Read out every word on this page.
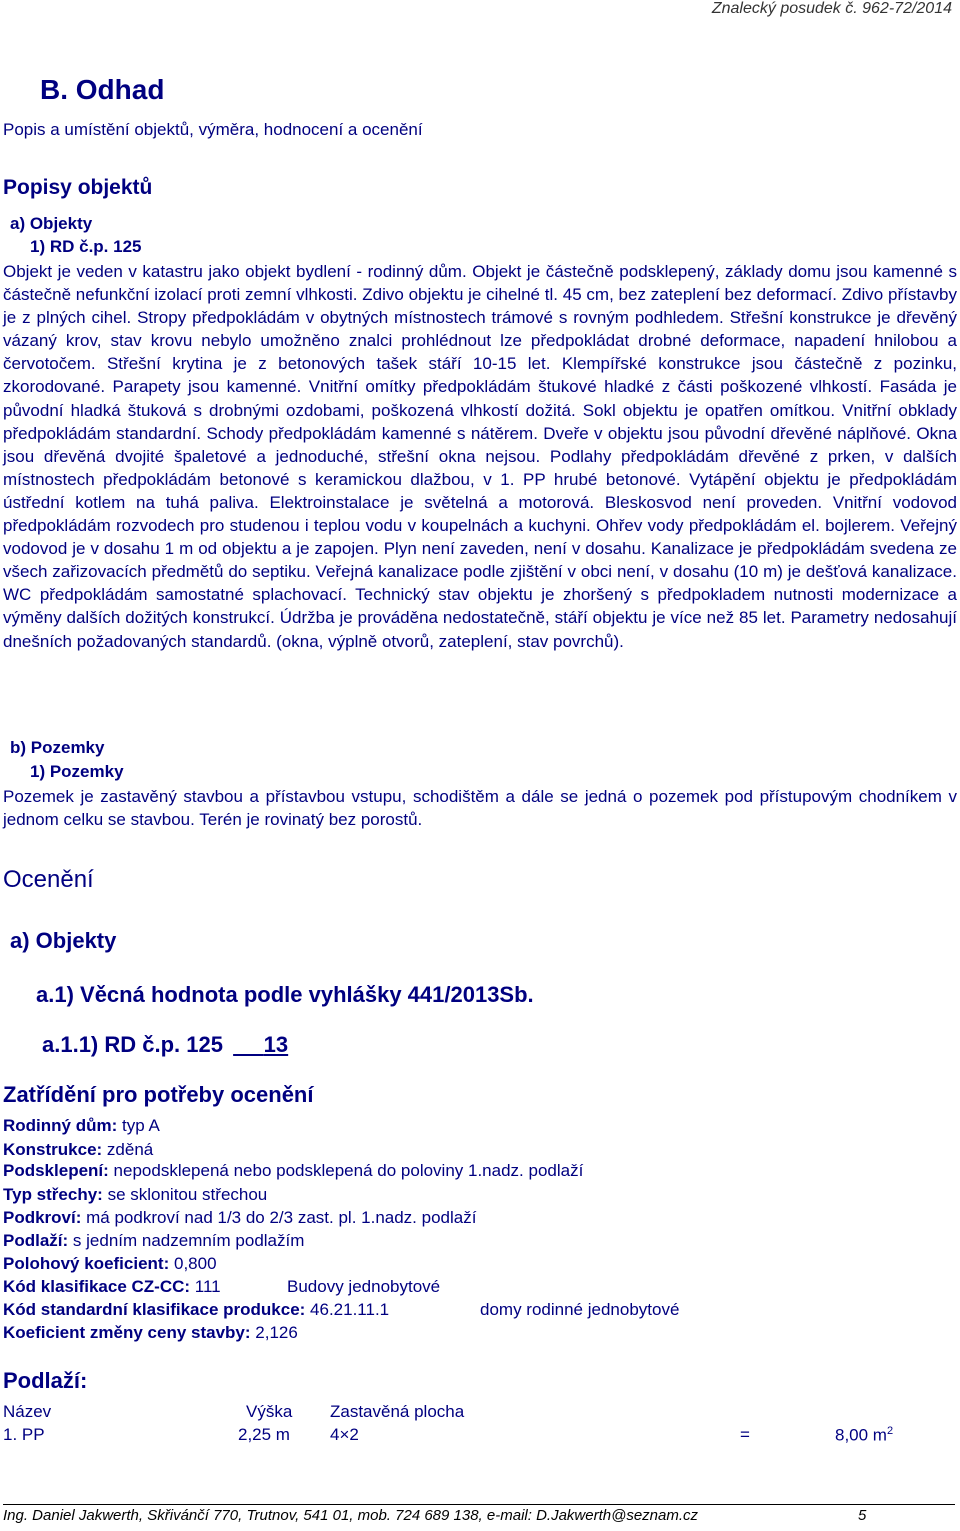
Znalecký posudek č. 962-72/2014
B. Odhad
Popis a umístění objektů, výměra, hodnocení a ocenění
Popisy objektů
a) Objekty
1) RD č.p. 125
Objekt je veden v katastru jako objekt bydlení - rodinný dům. Objekt je částečně podsklepený, základy domu jsou kamenné s částečně nefunkční izolací proti zemní vlhkosti. Zdivo objektu je cihelné tl. 45 cm, bez zateplení bez deformací. Zdivo přístavby je z plných cihel. Stropy předpokládám v obytných místnostech trámové s rovným podhledem. Střešní konstrukce je dřevěný vázaný krov, stav krovu nebylo umožněno znalci prohlédnout lze předpokládat drobné deformace, napadení hnilobou a červotočem. Střešní krytina je z betonových tašek stáří 10-15 let. Klempířské konstrukce jsou částečně z pozinku, zkorodované. Parapety jsou kamenné. Vnitřní omítky předpokládám štukové hladké z části poškozené vlhkostí. Fasáda je původní hladká štuková s drobnými ozdobami, poškozená vlhkostí dožitá. Sokl objektu je opatřen omítkou. Vnitřní obklady předpokládám standardní. Schody předpokládám kamenné s nátěrem. Dveře v objektu jsou původní dřevěné náplňové. Okna jsou dřevěná dvojité špaletové a jednoduché, střešní okna nejsou. Podlahy předpokládám dřevěné z prken, v dalších místnostech předpokládám betonové s keramickou dlažbou, v 1. PP hrubé betonové. Vytápění objektu je předpokládám ústřední kotlem na tuhá paliva. Elektroinstalace je světelná a motorová. Bleskosvod není proveden. Vnitřní vodovod předpokládám rozvodech pro studenou i teplou vodu v koupelnách a kuchyni. Ohřev vody předpokládám el. bojlerem. Veřejný vodovod je v dosahu 1 m od objektu a je zapojen. Plyn není zaveden, není v dosahu. Kanalizace je předpokládám svedena ze všech zařizovacích předmětů do septiku. Veřejná kanalizace podle zjištění v obci není, v dosahu (10 m) je dešťová kanalizace. WC předpokládám samostatné splachovací. Technický stav objektu je zhoršený s předpokladem nutnosti modernizace a výměny dalších dožitých konstrukcí. Údržba je prováděna nedostatečně, stáří objektu je více než 85 let. Parametry nedosahují dnešních požadovaných standardů. (okna, výplně otvorů, zateplení, stav povrchů).
b) Pozemky
1) Pozemky
Pozemek je zastavěný stavbou a přístavbou vstupu, schodištěm a dále se jedná o pozemek pod přístupovým chodníkem v jednom celku se stavbou. Terén je rovinatý bez porostů.
Ocenění
a) Objekty
a.1) Věcná hodnota podle vyhlášky 441/2013Sb.
a.1.1) RD č.p. 125 13
Zatřídění pro potřeby ocenění
Rodinný dům: typ A
Konstrukce: zděná
Podsklepení: nepodsklepená nebo podsklepená do poloviny 1.nadz. podlaží
Typ střechy: se sklonitou střechou
Podkroví: má podkroví nad 1/3 do 2/3 zast. pl. 1.nadz. podlaží
Podlaží: s jedním nadzemním podlažím
Polohový koeficient: 0,800
Kód klasifikace CZ-CC: 111	Budovy jednobytové
Kód standardní klasifikace produkce: 46.21.11.1	domy rodinné jednobytové
Koeficient změny ceny stavby: 2,126
Podlaží:
Název	Výška Zastavěná plocha
1. PP	2,25 m 4×2	=	8,00 $m^2$
Ing. Daniel Jakwerth, Skřivánčí 770, Trutnov, 541 01, mob. 724 689 138, e-mail: D.Jakwerth@seznam.cz	5
